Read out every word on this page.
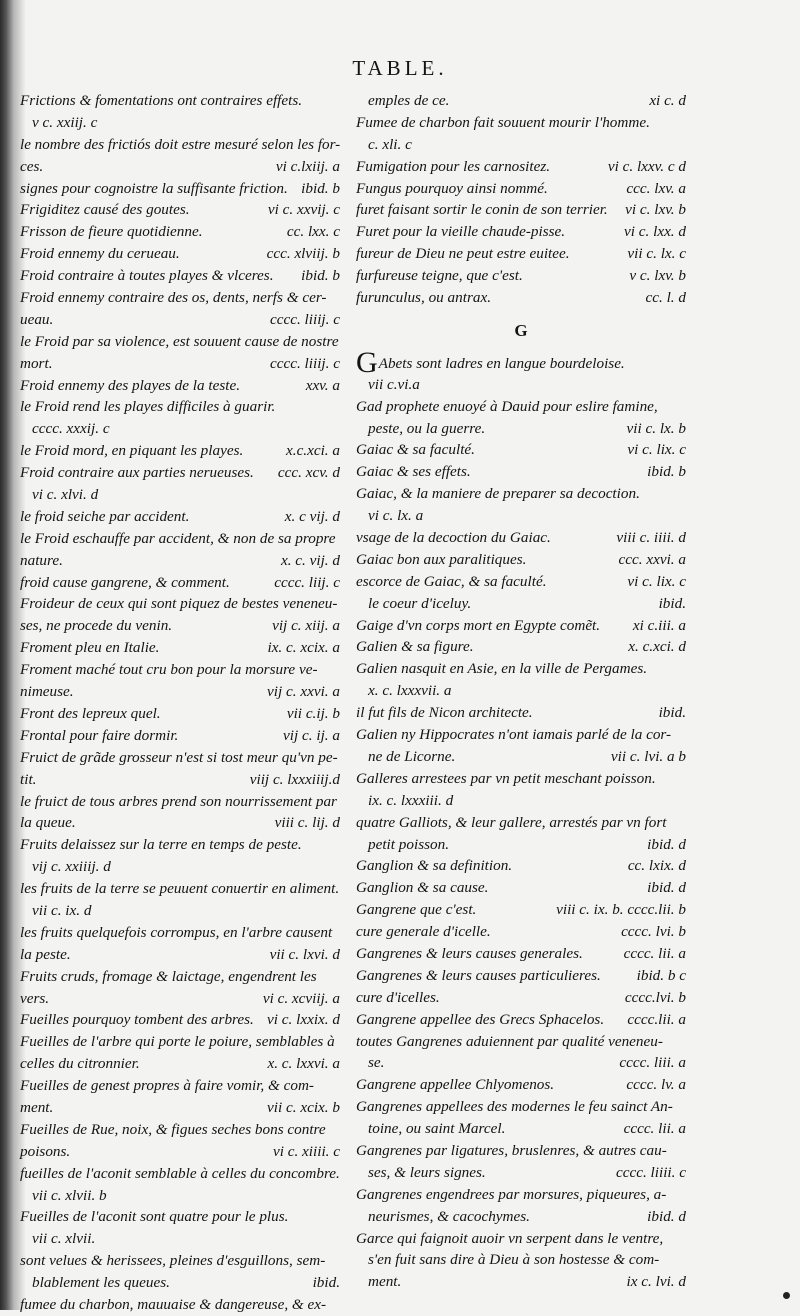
TABLE.
Frictions & fomentations ont contraires effets.
v c. xxiij. c
le nombre des frictiós doit estre mesuré selon les for-
ces.	vi c.lxiij. a
signes pour cognoistre la suffisante friction. ibid. b
Frigiditez causé des goutes.	vi c. xxvij. c
Frisson de fieure quotidienne.	cc. lxx. c
Froid ennemy du cerueau.	ccc. xlviij. b
Froid contraire à toutes playes & vlceres. ibid. b
Froid ennemy contraire des os, dents, nerfs & cer-
ueau.	cccc. liiij. c
le Froid par sa violence, est souuent cause de nostre
mort.	cccc. liiij. c
Froid ennemy des playes de la teste.	xxv. a
le Froid rend les playes difficiles à guarir.
cccc. xxxij. c
le Froid mord, en piquant les playes.	x.c.xci. a
Froid contraire aux parties nerueuses. ccc. xcv. d
vi c. xlvi. d
le froid seiche par accident.	x. c vij. d
le Froid eschauffe par accident, & non de sa propre
nature.	x. c. vij. d
froid cause gangrene, & comment.	cccc. liij. c
Froideur de ceux qui sont piquez de bestes veneneu-
ses, ne procede du venin.	vij c. xiij. a
Froment pleu en Italie.	ix. c. xcix. a
Froment maché tout cru bon pour la morsure ve-
nimeuse.	vij c. xxvi. a
Front des lepreux quel.	vii c.ij. b
Frontal pour faire dormir.	vij c. ij. a
Fruict de grãde grosseur n'est si tost meur qu'vn pe-
tit.	viij c. lxxxiiij.d
le fruict de tous arbres prend son nourrissement par
la queue.	viii c. lij. d
Fruits delaissez sur la terre en temps de peste.
vij c. xxiiij. d
les fruits de la terre se peuuent conuertir en aliment.
vii c. ix. d
les fruits quelquefois corrompus, en l'arbre causent
la peste.	vii c. lxvi. d
Fruits cruds, fromage & laictage, engendrent les
vers.	vi c. xcviij. a
Fueilles pourquoy tombent des arbres. vi c. lxxix. d
Fueilles de l'arbre qui porte le poiure, semblables à
celles du citronnier.	x. c. lxxvi. a
Fueilles de genest propres à faire vomir, & com-
ment.	vii c. xcix. b
Fueilles de Rue, noix, & figues seches bons contre
poisons.	vi c. xiiii. c
fueilles de l'aconit semblable à celles du concombre.
vii c. xlvii. b
Fueilles de l'aconit sont quatre pour le plus.
vii c. xlvii.
sont velues & herissees, pleines d'esguillons, sem-
blablement les queues.	ibid.
fumee du charbon, mauuaise & dangereuse, & ex-
emples de ce.	xi c. d
Fumee de charbon fait souuent mourir l'homme.
c. xli. c
Fumigation pour les carnositez.	vi c. lxxv. c d
Fungus pourquoy ainsi nommé.	ccc. lxv. a
furet faisant sortir le conin de son terrier. vi c. lxv. b
Furet pour la vieille chaude-pisse.	vi c. lxx. d
fureur de Dieu ne peut estre euitee.	vii c. lx. c
furfureuse teigne, que c'est.	v c. lxv. b
furunculus, ou antrax.	cc. l. d
G
GAbets sont ladres en langue bourdeloise.
vii c.vi.a
Gad prophete enuoyé à Dauid pour eslire famine,
peste, ou la guerre.	vii c. lx. b
Gaiac & sa faculté.	vi c. lix. c
Gaiac & ses effets.	ibid. b
Gaiac, & la maniere de preparer sa decoction.
vi c. lx. a
vsage de la decoction du Gaiac.	viii c. iiii. d
Gaiac bon aux paralitiques.	ccc. xxvi. a
escorce de Gaiac, & sa faculté.	vi c. lix. c
le coeur d'iceluy.	ibid.
Gaige d'vn corps mort en Egypte comẽt. xi c.iii. a
Galien & sa figure.	x. c.xci. d
Galien nasquit en Asie, en la ville de Pergames.
x. c. lxxxvii. a
il fut fils de Nicon architecte.	ibid.
Galien ny Hippocrates n'ont iamais parlé de la cor-
ne de Licorne.	vii c. lvi. a b
Galleres arrestees par vn petit meschant poisson.
ix. c. lxxxiii. d
quatre Galliots, & leur gallere, arrestés par vn fort
petit poisson.	ibid. d
Ganglion & sa definition.	cc. lxix. d
Ganglion & sa cause.	ibid. d
Gangrene que c'est.	viii c. ix. b. cccc.lii. b
cure generale d'icelle.	cccc. lvi. b
Gangrenes & leurs causes generales.	cccc. lii. a
Gangrenes & leurs causes particulieres. ibid. b c
cure d'icelles.	cccc.lvi. b
Gangrene appellee des Grecs Sphacelos. cccc.lii. a
toutes Gangrenes aduiennent par qualité veneneu-
se.	cccc. liii. a
Gangrene appellee Chlyomenos.	cccc. lv. a
Gangrenes appellees des modernes le feu sainct An-
toine, ou saint Marcel.	cccc. lii. a
Gangrenes par ligatures, bruslenres, & autres cau-
ses, & leurs signes.	cccc. liiii. c
Gangrenes engendrees par morsures, piqueures, a-
neurismes, & cacochymes.	ibid. d
Garce qui faignoit auoir vn serpent dans le ventre,
s'en fuit sans dire à Dieu à son hostesse & com-
ment.	ix c. lvi. d
